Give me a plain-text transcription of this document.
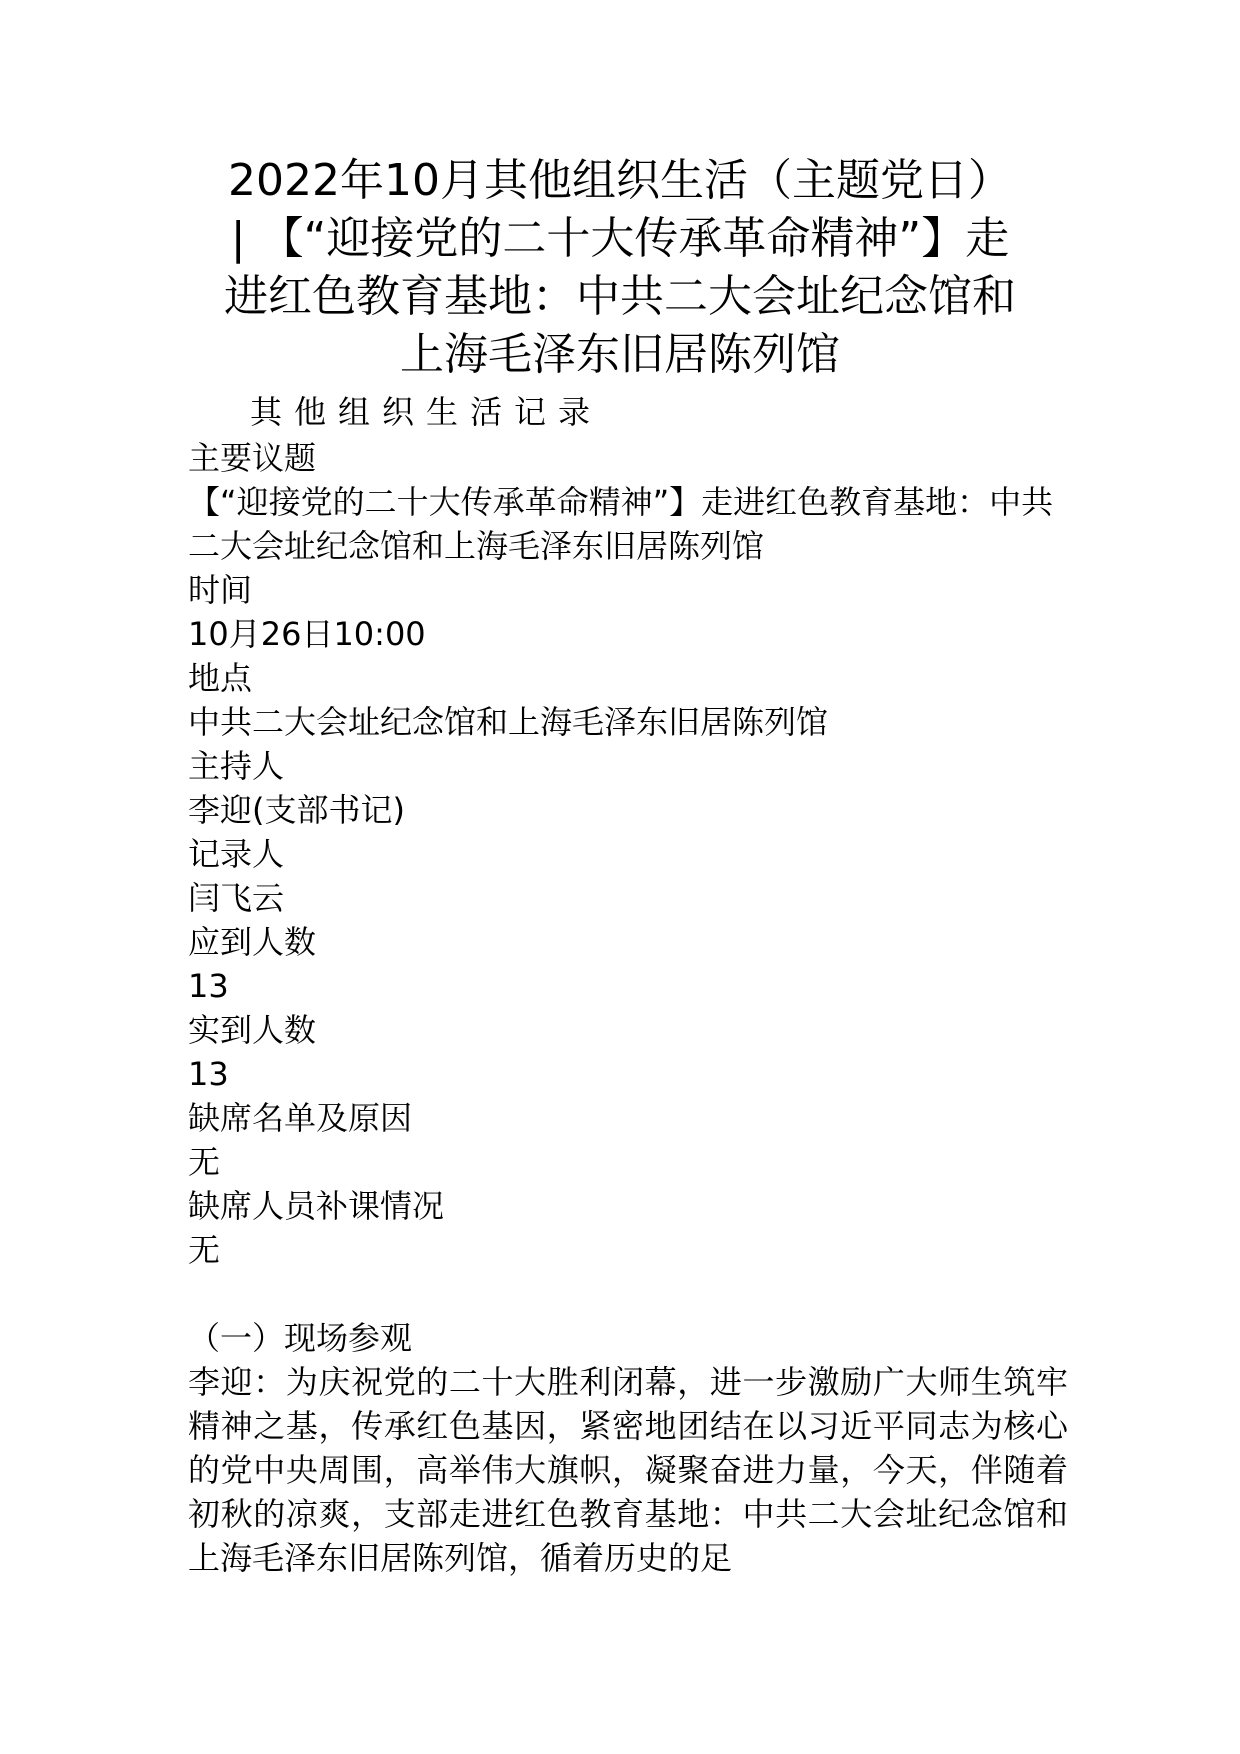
2022年10月其他组织生活（主题党日）
| 【“迎接党的二十大传承革命精神”】走
进红色教育基地：中共二大会址纪念馆和
上海毛泽东旧居陈列馆
其他组织生活记录
主要议题
【“迎接党的二十大传承革命精神”】走进红色教育基地：中共二大会址纪念馆和上海毛泽东旧居陈列馆
时间
10月26日10:00
地点
中共二大会址纪念馆和上海毛泽东旧居陈列馆
主持人
李迎(支部书记)
记录人
闫飞云
应到人数
13
实到人数
13
缺席名单及原因
无
缺席人员补课情况
无
（一）现场参观
李迎：为庆祝党的二十大胜利闭幕，进一步激励广大师生筑牢精神之基，传承红色基因，紧密地团结在以习近平同志为核心的党中央周围，高举伟大旗帜，凝聚奋进力量，今天，伴随着初秋的凉爽，支部走进红色教育基地：中共二大会址纪念馆和上海毛泽东旧居陈列馆，循着历史的足
